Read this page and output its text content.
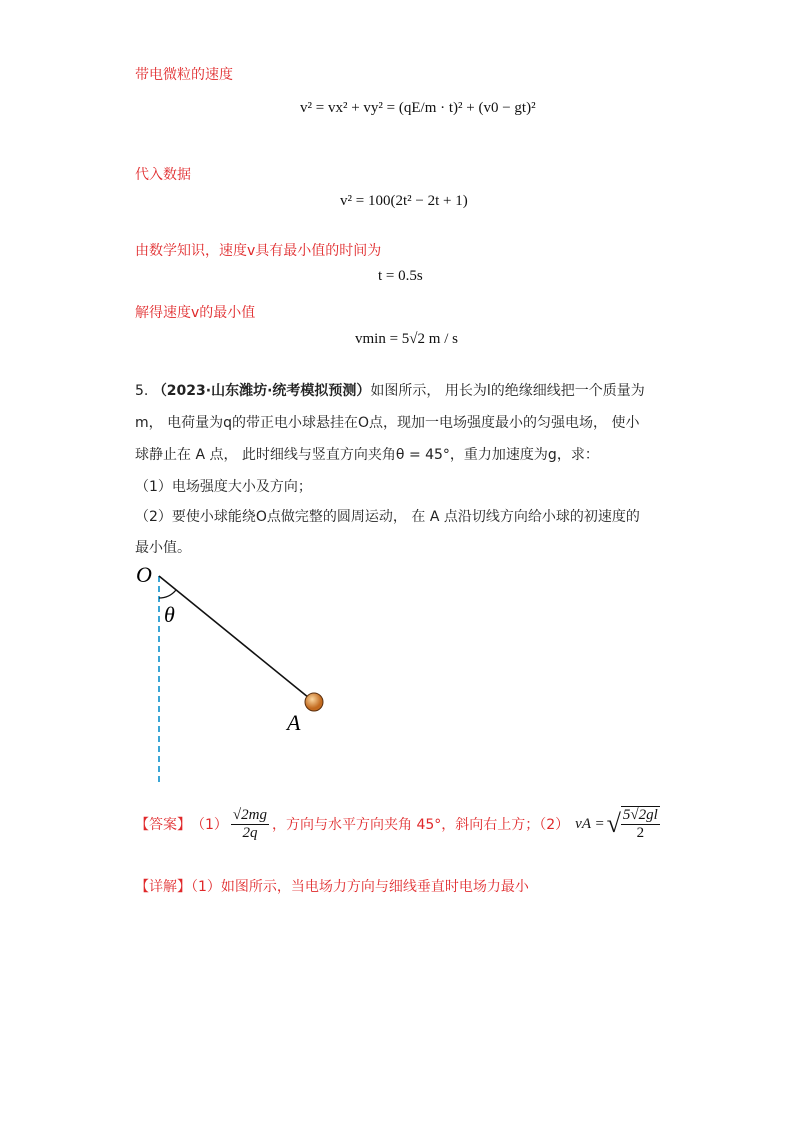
带电微粒的速度
v² = vx² + vy² = (qE/m · t)² + (v0 − gt)²
代入数据
v² = 100(2t² − 2t + 1)
由数学知识，速度v具有最小值的时间为
t = 0.5s
解得速度v的最小值
vmin = 5√2 m / s
5. （2023·山东潍坊·统考模拟预测）如图所示， 用长为l的绝缘细线把一个质量为
m， 电荷量为q的带正电小球悬挂在O点，现加一电场强度最小的匀强电场， 使小
球静止在 A 点， 此时细线与竖直方向夹角θ = 45°，重力加速度为g，求：
（1）电场强度大小及方向；
（2）要使小球能绕O点做完整的圆周运动， 在 A 点沿切线方向给小球的初速度的
最小值。
O
θ
A
【答案】 $(1) \frac{√2mg}{2q}$ ，方向与水平方向夹角 45°，斜向右上方；（2） vA = √ $\frac{5√2gl}{2}$
【详解】（1）如图所示，当电场力方向与细线垂直时电场力最小
